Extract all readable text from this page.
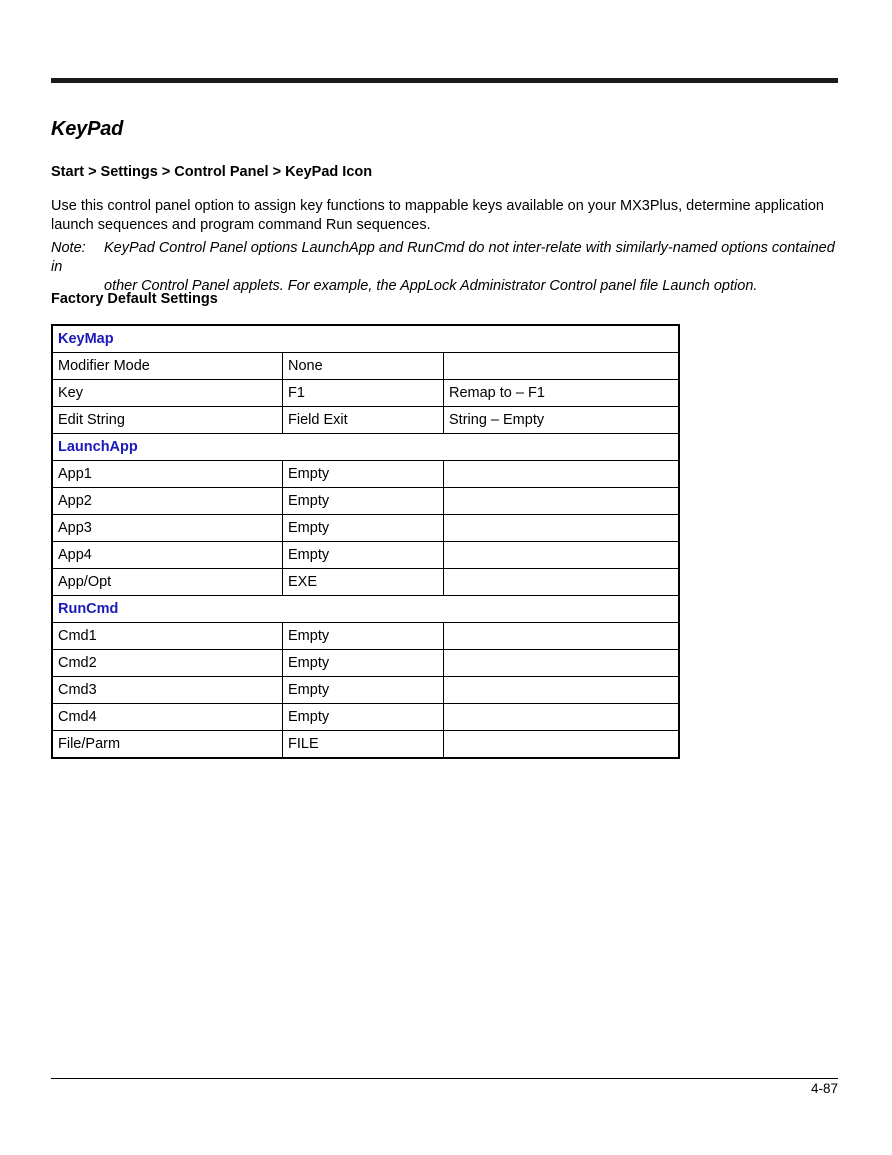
KeyPad
Start > Settings > Control Panel > KeyPad Icon

Use this control panel option to assign key functions to mappable keys available on your MX3Plus, determine application launch sequences and program command Run sequences.

Note: KeyPad Control Panel options LaunchApp and RunCmd do not inter-relate with similarly-named options contained in
other Control Panel applets. For example, the AppLock Administrator Control panel file Launch option.
Factory Default Settings
KeyMap		
Modifier Mode	None	
Key	F1	Remap to – F1
Edit String	Field Exit	String – Empty
LaunchApp		
App1	Empty	
App2	Empty	
App3	Empty	
App4	Empty	
App/Opt	EXE	
RunCmd		
Cmd1	Empty	
Cmd2	Empty	
Cmd3	Empty	
Cmd4	Empty	
File/Parm	FILE	
4-87
